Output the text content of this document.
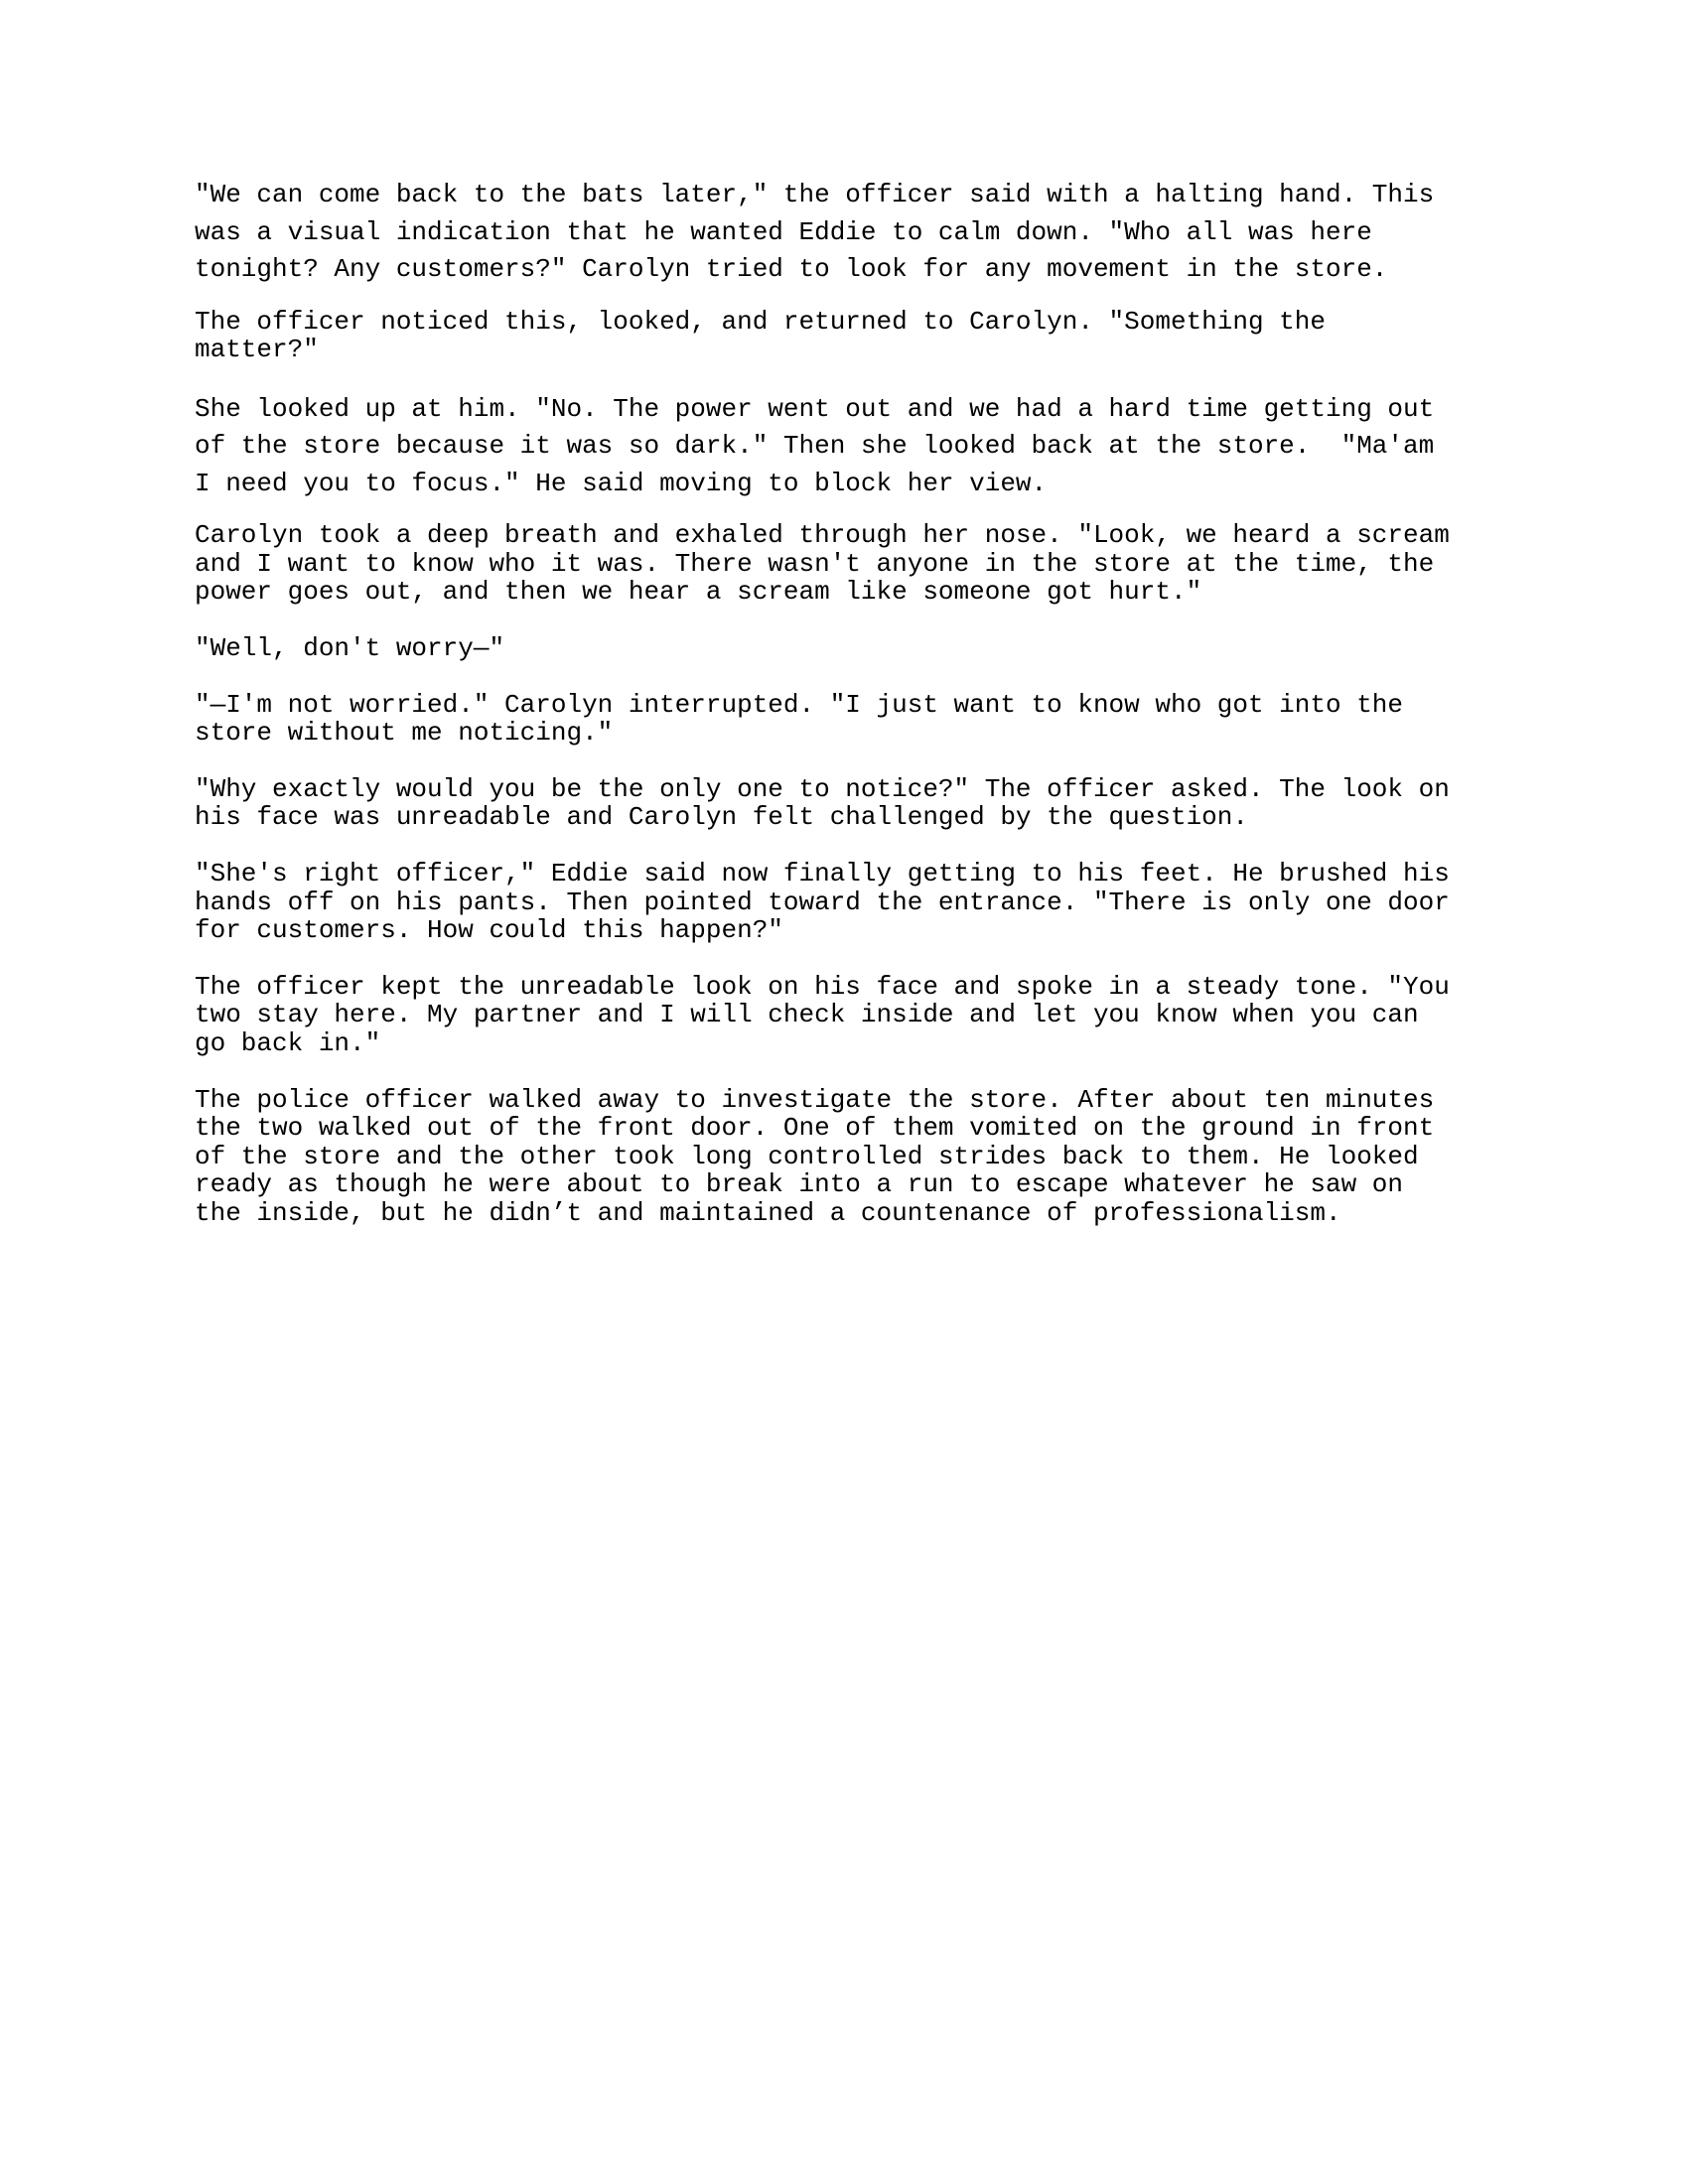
"We can come back to the bats later," the officer said with a halting hand. This was a visual indication that he wanted Eddie to calm down. "Who all was here tonight? Any customers?" Carolyn tried to look for any movement in the store.

The officer noticed this, looked, and returned to Carolyn. "Something the matter?"

She looked up at him. "No. The power went out and we had a hard time getting out of the store because it was so dark." Then she looked back at the store.  "Ma'am I need you to focus." He said moving to block her view.

Carolyn took a deep breath and exhaled through her nose. "Look, we heard a scream and I want to know who it was. There wasn't anyone in the store at the time, the power goes out, and then we hear a scream like someone got hurt."

"Well, don't worry—"

"—I'm not worried." Carolyn interrupted. "I just want to know who got into the store without me noticing."

"Why exactly would you be the only one to notice?" The officer asked. The look on his face was unreadable and Carolyn felt challenged by the question.

"She's right officer," Eddie said now finally getting to his feet. He brushed his hands off on his pants. Then pointed toward the entrance. "There is only one door for customers. How could this happen?"

The officer kept the unreadable look on his face and spoke in a steady tone. "You two stay here. My partner and I will check inside and let you know when you can go back in."

The police officer walked away to investigate the store. After about ten minutes the two walked out of the front door. One of them vomited on the ground in front of the store and the other took long controlled strides back to them. He looked ready as though he were about to break into a run to escape whatever he saw on the inside, but he didn’t and maintained a countenance of professionalism.
